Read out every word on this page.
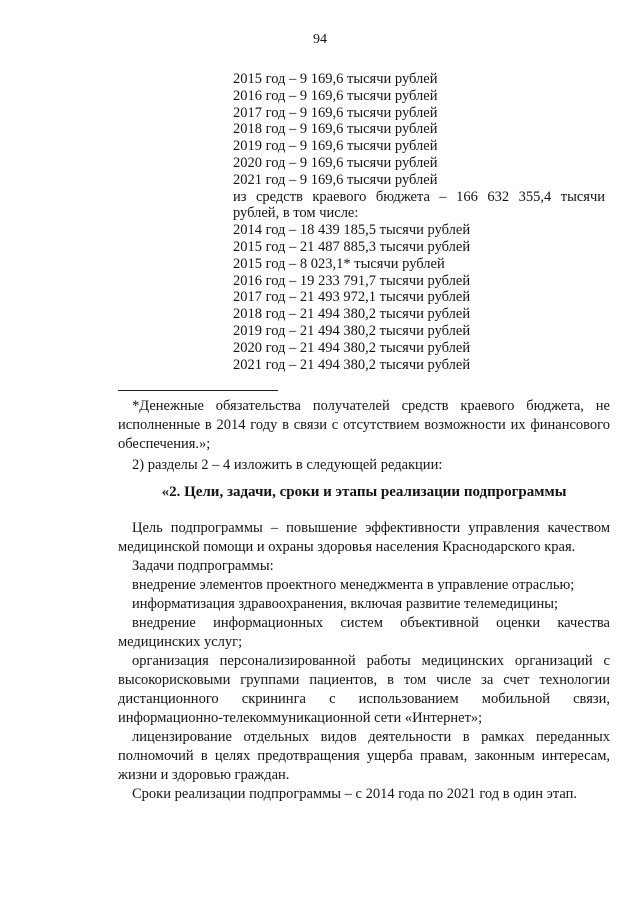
94
2015 год – 9 169,6 тысячи рублей
2016 год – 9 169,6 тысячи рублей
2017 год – 9 169,6 тысячи рублей
2018 год – 9 169,6 тысячи рублей
2019 год – 9 169,6 тысячи рублей
2020 год – 9 169,6 тысячи рублей
2021 год – 9 169,6 тысячи рублей
из средств краевого бюджета – 166 632 355,4 тысячи
рублей, в том числе:
2014 год – 18 439 185,5 тысячи рублей
2015 год – 21 487 885,3 тысячи рублей
2015 год – 8 023,1* тысячи рублей
2016 год – 19 233 791,7 тысячи рублей
2017 год – 21 493 972,1 тысячи рублей
2018 год – 21 494 380,2 тысячи рублей
2019 год – 21 494 380,2 тысячи рублей
2020 год – 21 494 380,2 тысячи рублей
2021 год – 21 494 380,2 тысячи рублей
*Денежные обязательства получателей средств краевого бюджета, не исполненные в 2014 году в связи с отсутствием возможности их финансового обеспечения.»;
2) разделы 2 – 4 изложить в следующей редакции:
«2. Цели, задачи, сроки и этапы реализации подпрограммы

Цель подпрограммы – повышение эффективности управления качеством медицинской помощи и охраны здоровья населения Краснодарского края.

Задачи подпрограммы:

внедрение элементов проектного менеджмента в управление отраслью;

информатизация здравоохранения, включая развитие телемедицины;

внедрение информационных систем объективной оценки качества медицинских услуг;

организация персонализированной работы медицинских организаций с высокорисковыми группами пациентов, в том числе за счет технологии дистанционного скрининга с использованием мобильной связи, информационно-телекоммуникационной сети «Интернет»;

лицензирование отдельных видов деятельности в рамках переданных полномочий в целях предотвращения ущерба правам, законным интересам, жизни и здоровью граждан.

Сроки реализации подпрограммы – с 2014 года по 2021 год в один этап.
